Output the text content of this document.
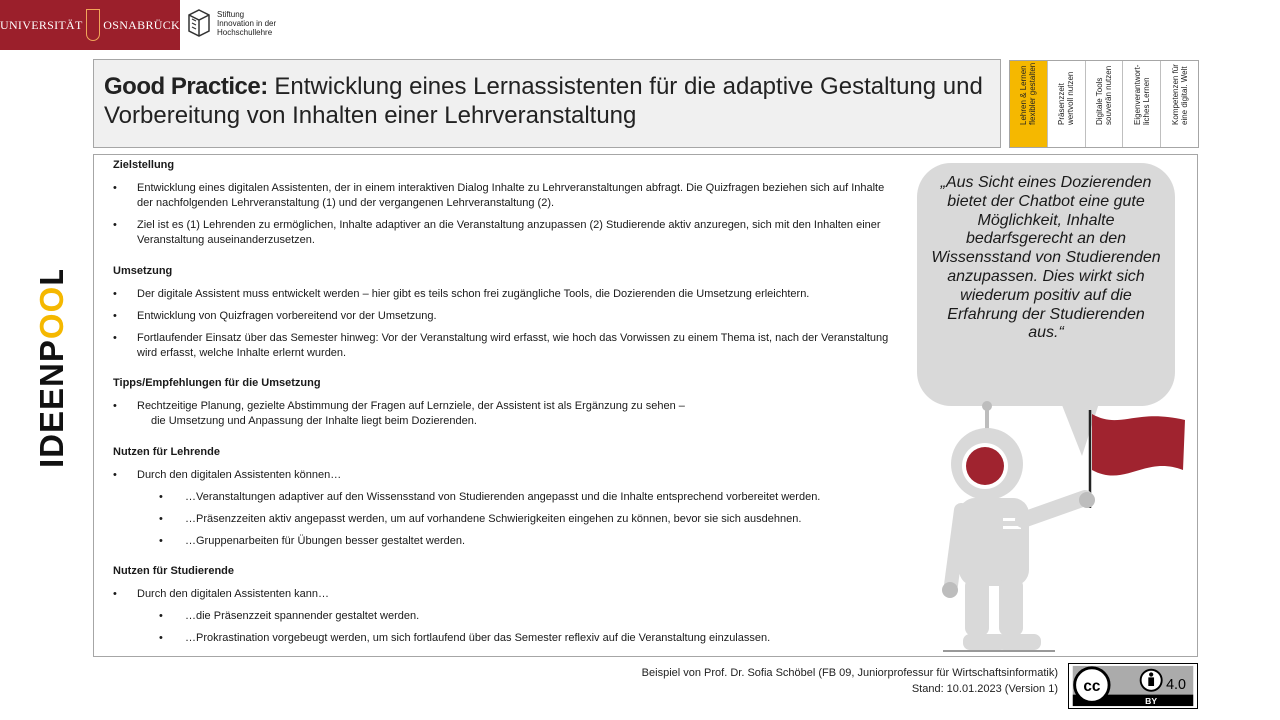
UNIVERSITÄT OSNABRÜCK
Stiftung
Innovation in der
Hochschullehre
IDEENPOOL
Good Practice: Entwicklung eines Lernassistenten für die adaptive Gestaltung und Vorbereitung von Inhalten einer Lehrveranstaltung	Lehren & Lernen
flexibler gestalten
Präsenzzeit
wertvoll nutzen
Digitale Tools
souverän nutzen Eigenverantwort-
liches Lernen Kompetenzen für
eine digital. Welt

Zielstellung

• Entwicklung eines digitalen Assistenten, der in einem interaktiven Dialog Inhalte zu Lehrveranstaltungen abfragt. Die Quizfragen beziehen sich auf Inhalte der nachfolgenden Lehrveranstaltung (1) und der vergangenen Lehrveranstaltung (2).

• Ziel ist es (1) Lehrenden zu ermöglichen, Inhalte adaptiver an die Veranstaltung anzupassen (2) Studierende aktiv anzuregen, sich mit den Inhalten einer Veranstaltung auseinanderzusetzen.

Umsetzung

• Der digitale Assistent muss entwickelt werden – hier gibt es teils schon frei zugängliche Tools, die Dozierenden die Umsetzung erleichtern.

• Entwicklung von Quizfragen vorbereitend vor der Umsetzung.

• Fortlaufender Einsatz über das Semester hinweg: Vor der Veranstaltung wird erfasst, wie hoch das Vorwissen zu einem Thema ist, nach der Veranstaltung wird erfasst, welche Inhalte erlernt wurden.

Tipps/Empfehlungen für die Umsetzung

• Rechtzeitige Planung, gezielte Abstimmung der Fragen auf Lernziele, der Assistent ist als Ergänzung zu sehen –
die Umsetzung und Anpassung der Inhalte liegt beim Dozierenden.

Nutzen für Lehrende

• Durch den digitalen Assistenten können…

• …Veranstaltungen adaptiver auf den Wissensstand von Studierenden angepasst und die Inhalte entsprechend vorbereitet werden.

• …Präsenzzeiten aktiv angepasst werden, um auf vorhandene Schwierigkeiten eingehen zu können, bevor sie sich ausdehnen.

• …Gruppenarbeiten für Übungen besser gestaltet werden.

Nutzen für Studierende

• Durch den digitalen Assistenten kann…

• …die Präsenzzeit spannender gestaltet werden.

• …Prokrastination vorgebeugt werden, um sich fortlaufend über das Semester reflexiv auf die Veranstaltung einzulassen.

„Aus Sicht eines Dozierenden bietet der Chatbot eine gute Möglichkeit, Inhalte bedarfsgerecht an den Wissensstand von Studierenden anzupassen. Dies wirkt sich wiederum positiv auf die Erfahrung der Studierenden aus.“
Beispiel von Prof. Dr. Sofia Schöbel (FB 09, Juniorprofessur für Wirtschaftsinformatik)
Stand: 10.01.2023 (Version 1) cc	4.0
BY
